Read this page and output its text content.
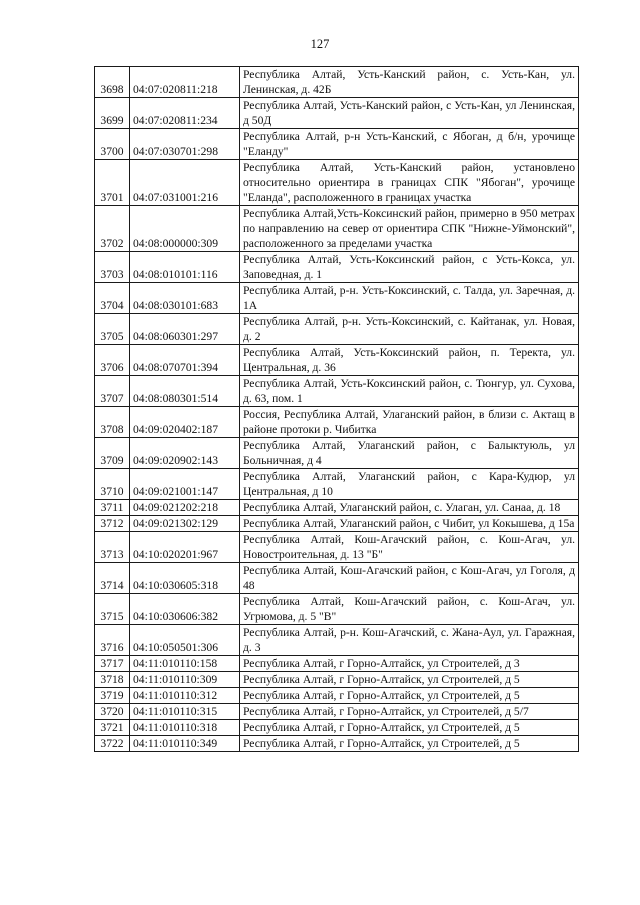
127
3698	04:07:020811:218	Республика Алтай, Усть-Канский район, с. Усть-Кан, ул. Ленинская, д. 42Б
3699	04:07:020811:234	Республика Алтай, Усть-Канский район, с Усть-Кан, ул Ленинская, д 50Д
3700	04:07:030701:298	Республика Алтай, р-н Усть-Канский, с Ябоган, д б/н, урочище "Еланду"
3701	04:07:031001:216	Республика Алтай, Усть-Канский район, установлено относительно ориентира в границах СПК "Ябоган", урочище "Еланда", расположенного в границах участка
3702	04:08:000000:309	Республика Алтай,Усть-Коксинский район, примерно в 950 метрах по направлению на север от ориентира СПК "Нижне-Уймонский", расположенного за пределами участка
3703	04:08:010101:116	Республика Алтай, Усть-Коксинский район, с Усть-Кокса, ул. Заповедная, д. 1
3704	04:08:030101:683	Республика Алтай, р-н. Усть-Коксинский, с. Талда, ул. Заречная, д. 1А
3705	04:08:060301:297	Республика Алтай, р-н. Усть-Коксинский, с. Кайтанак, ул. Новая, д. 2
3706	04:08:070701:394	Республика Алтай, Усть-Коксинский район, п. Теректа, ул. Центральная, д. 36
3707	04:08:080301:514	Республика Алтай, Усть-Коксинский район, с. Тюнгур, ул. Сухова, д. 63, пом. 1
3708	04:09:020402:187	Россия, Республика Алтай, Улаганский район, в близи с. Актащ в районе протоки р. Чибитка
3709	04:09:020902:143	Республика Алтай, Улаганский район, с Балыктуюль, ул Больничная, д 4
3710	04:09:021001:147	Республика Алтай, Улаганский район, с Кара-Кудюр, ул Центральная, д 10
3711	04:09:021202:218	Республика Алтай, Улаганский район, с. Улаган, ул. Санаа, д. 18
3712	04:09:021302:129	Республика Алтай, Улаганский район, с Чибит, ул Кокышева, д 15а
3713	04:10:020201:967	Республика Алтай, Кош-Агачский район, с. Кош-Агач, ул. Новостроительная, д. 13 "Б"
3714	04:10:030605:318	Республика Алтай, Кош-Агачский район, с Кош-Агач, ул Гоголя, д 48
3715	04:10:030606:382	Республика Алтай, Кош-Агачский район, с. Кош-Агач, ул. Угрюмова, д. 5 "В"
3716	04:10:050501:306	Республика Алтай, р-н. Кош-Агачский, с. Жана-Аул, ул. Гаражная, д. 3
3717	04:11:010110:158	Республика Алтай, г Горно-Алтайск, ул Строителей, д 3
3718	04:11:010110:309	Республика Алтай, г Горно-Алтайск, ул Строителей, д 5
3719	04:11:010110:312	Республика Алтай, г Горно-Алтайск, ул Строителей, д 5
3720	04:11:010110:315	Республика Алтай, г Горно-Алтайск, ул Строителей, д 5/7
3721	04:11:010110:318	Республика Алтай, г Горно-Алтайск, ул Строителей, д 5
3722	04:11:010110:349	Республика Алтай, г Горно-Алтайск, ул Строителей, д 5
